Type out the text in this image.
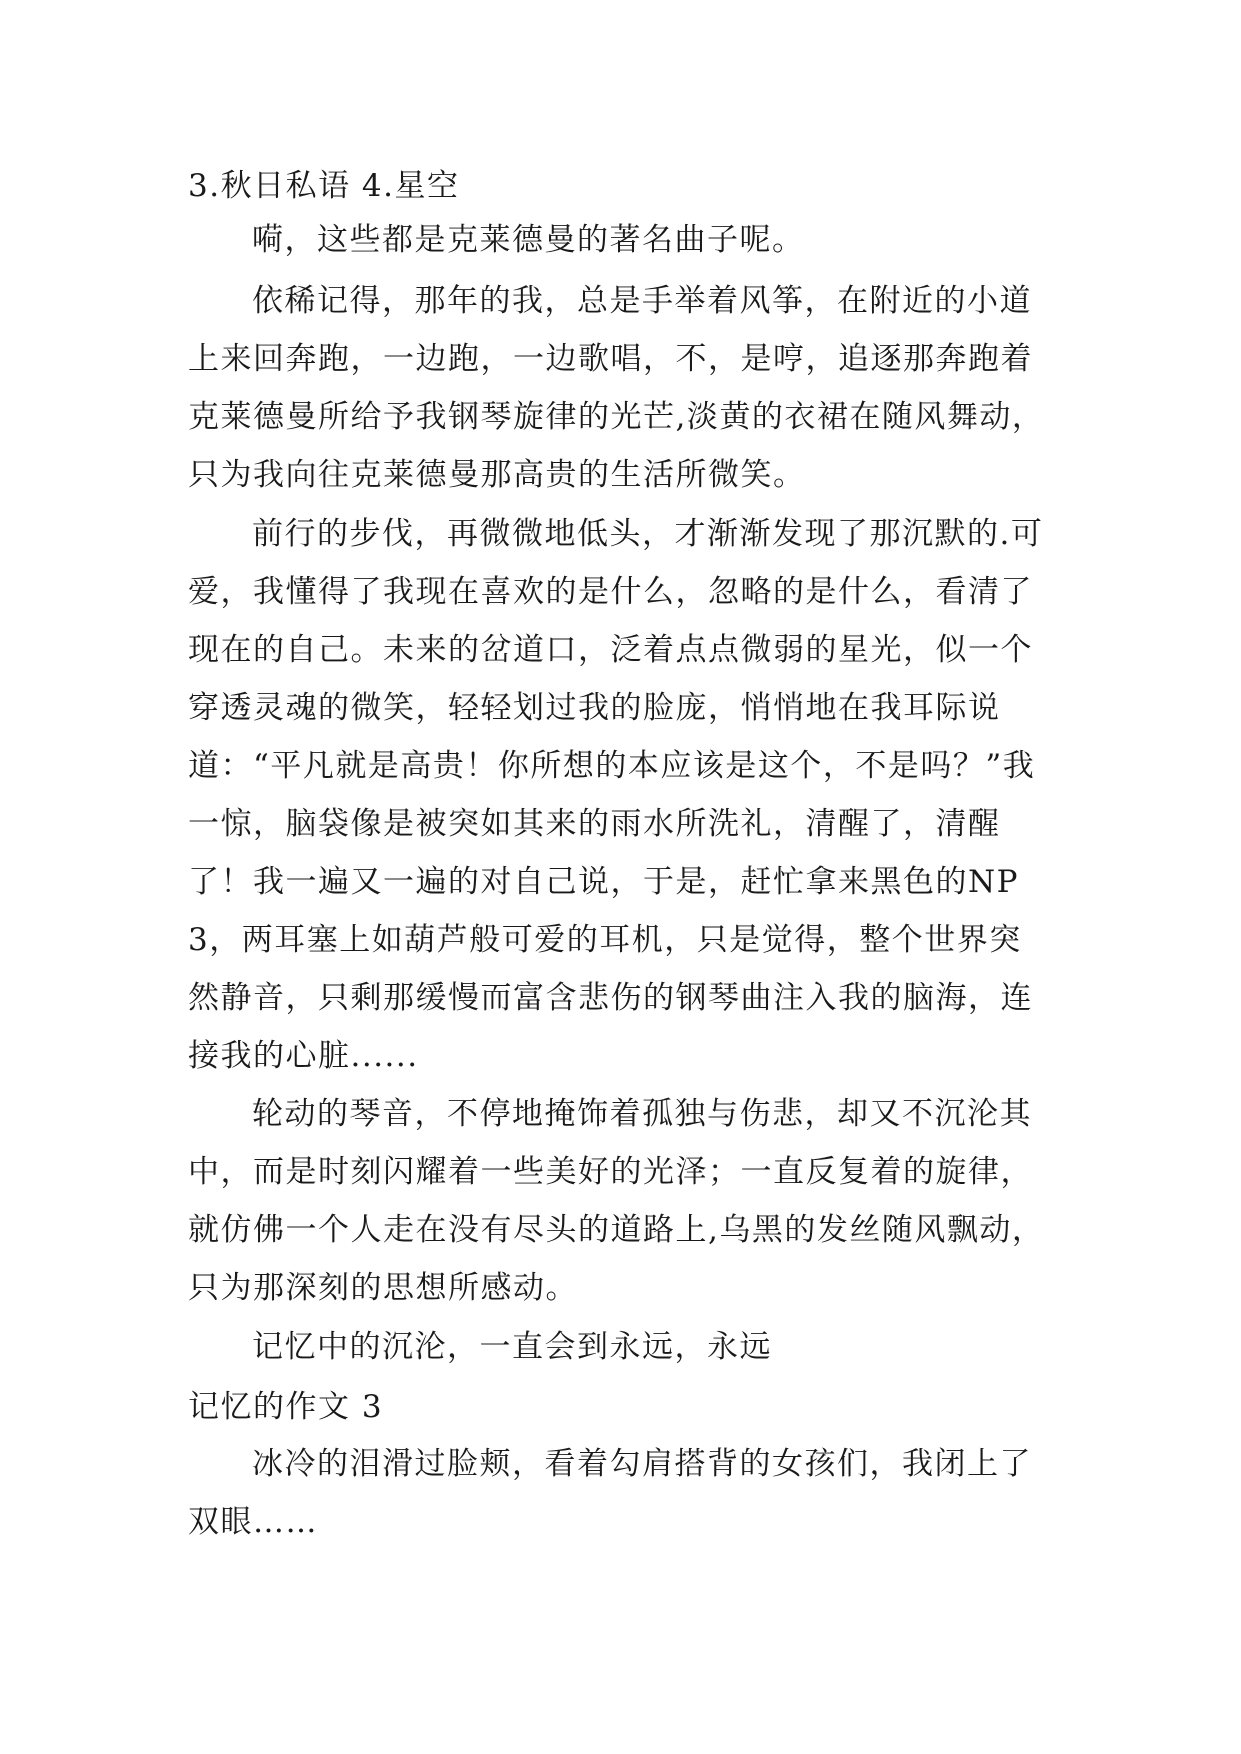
3.秋日私语 4.星空

嗬，这些都是克莱德曼的著名曲子呢。

依稀记得，那年的我，总是手举着风筝，在附近的小道上来回奔跑，一边跑，一边歌唱，不，是哼，追逐那奔跑着克莱德曼所给予我钢琴旋律的光芒,淡黄的衣裙在随风舞动，只为我向往克莱德曼那高贵的生活所微笑。

前行的步伐，再微微地低头，才渐渐发现了那沉默的.可爱，我懂得了我现在喜欢的是什么，忽略的是什么，看清了现在的自己。未来的岔道口，泛着点点微弱的星光，似一个穿透灵魂的微笑，轻轻划过我的脸庞，悄悄地在我耳际说道：“平凡就是高贵！你所想的本应该是这个，不是吗？”我一惊，脑袋像是被突如其来的雨水所洗礼，清醒了，清醒了！我一遍又一遍的对自己说，于是，赶忙拿来黑色的NP3，两耳塞上如葫芦般可爱的耳机，只是觉得，整个世界突然静音，只剩那缓慢而富含悲伤的钢琴曲注入我的脑海，连接我的心脏......

轮动的琴音，不停地掩饰着孤独与伤悲，却又不沉沦其中，而是时刻闪耀着一些美好的光泽；一直反复着的旋律，就仿佛一个人走在没有尽头的道路上,乌黑的发丝随风飘动，只为那深刻的思想所感动。

记忆中的沉沦，一直会到永远，永远

记忆的作文 3

冰冷的泪滑过脸颊，看着勾肩搭背的女孩们，我闭上了双眼……
